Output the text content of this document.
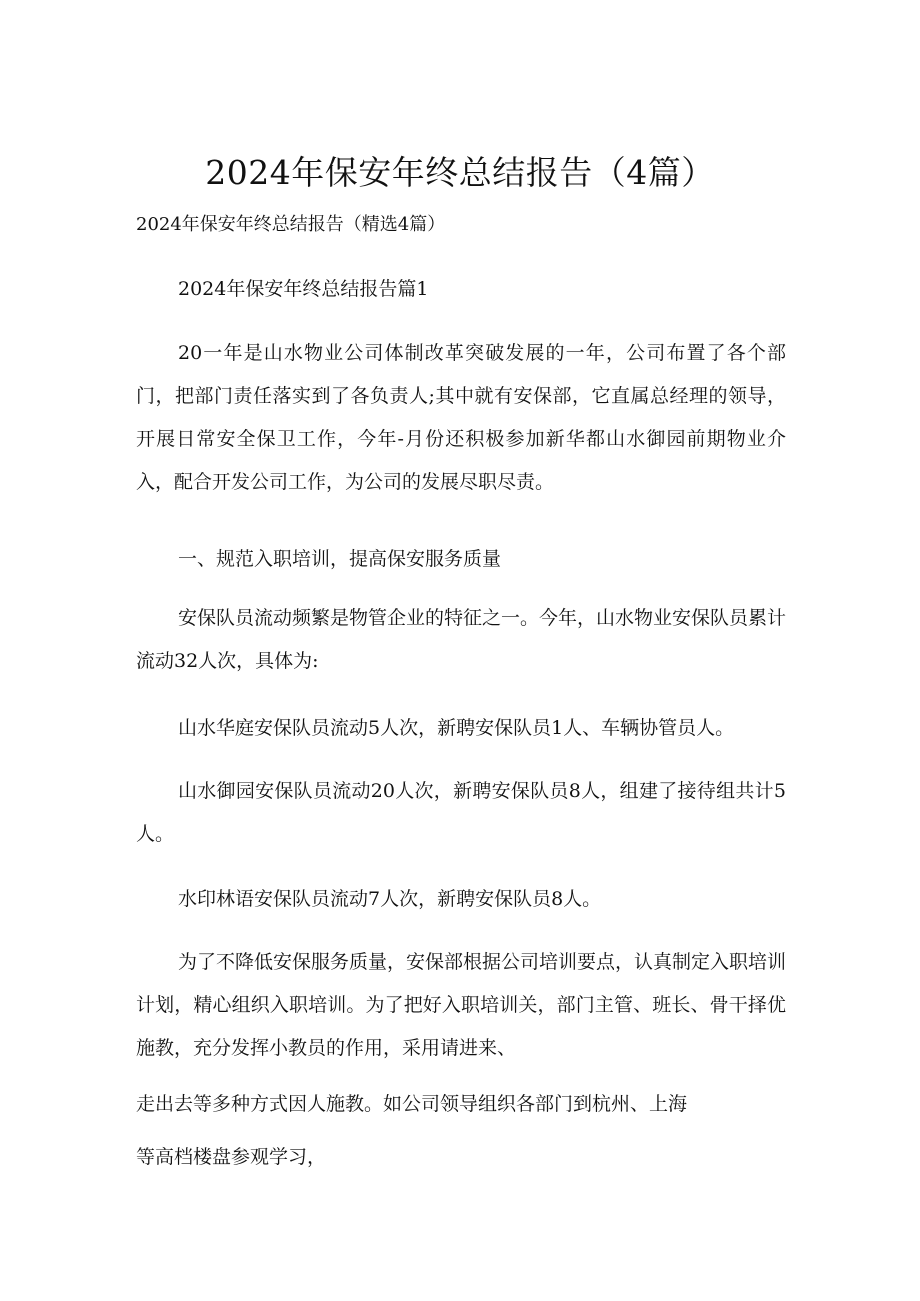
2024年保安年终总结报告（4篇）
2024年保安年终总结报告（精选4篇）
2024年保安年终总结报告篇1
20一年是山水物业公司体制改革突破发展的一年，公司布置了各个部门，把部门责任落实到了各负责人;其中就有安保部，它直属总经理的领导，开展日常安全保卫工作，今年-月份还积极参加新华都山水御园前期物业介入，配合开发公司工作，为公司的发展尽职尽责。
一、规范入职培训，提高保安服务质量
安保队员流动频繁是物管企业的特征之一。今年，山水物业安保队员累计流动32人次，具体为:
山水华庭安保队员流动5人次，新聘安保队员1人、车辆协管员人。
山水御园安保队员流动20人次，新聘安保队员8人，组建了接待组共计5人。
水印林语安保队员流动7人次，新聘安保队员8人。
为了不降低安保服务质量，安保部根据公司培训要点，认真制定入职培训计划，精心组织入职培训。为了把好入职培训关，部门主管、班长、骨干择优施教，充分发挥小教员的作用，采用请进来、
走出去等多种方式因人施教。如公司领导组织各部门到杭州、上海
等高档楼盘参观学习，
